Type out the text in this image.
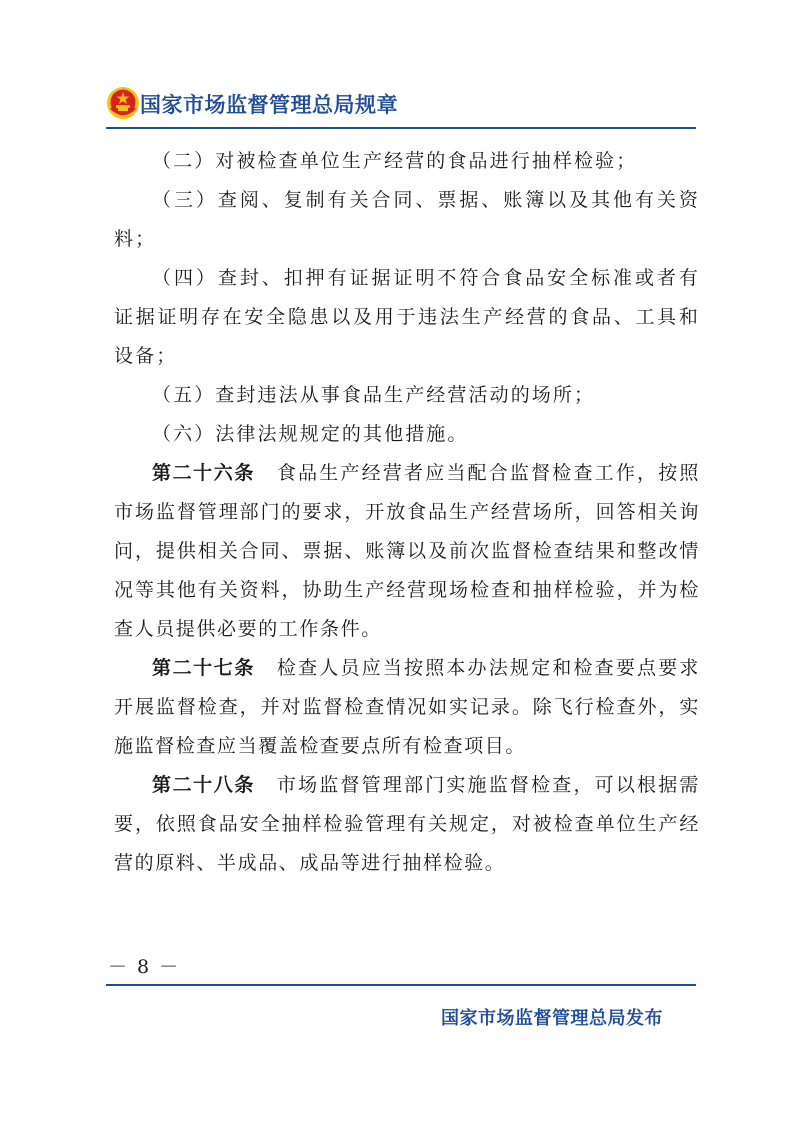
国家市场监督管理总局规章

（二）对被检查单位生产经营的食品进行抽样检验；

（三）查阅、复制有关合同、票据、账簿以及其他有关资料；

（四）查封、扣押有证据证明不符合食品安全标准或者有证据证明存在安全隐患以及用于违法生产经营的食品、工具和设备；

（五）查封违法从事食品生产经营活动的场所；

（六）法律法规规定的其他措施。

第二十六条 食品生产经营者应当配合监督检查工作，按照市场监督管理部门的要求，开放食品生产经营场所，回答相关询问，提供相关合同、票据、账簿以及前次监督检查结果和整改情况等其他有关资料，协助生产经营现场检查和抽样检验，并为检查人员提供必要的工作条件。

第二十七条 检查人员应当按照本办法规定和检查要点要求开展监督检查，并对监督检查情况如实记录。除飞行检查外，实施监督检查应当覆盖检查要点所有检查项目。

第二十八条 市场监督管理部门实施监督检查，可以根据需要，依照食品安全抽样检验管理有关规定，对被检查单位生产经营的原料、半成品、成品等进行抽样检验。

－ 8 －
国家市场监督管理总局发布
